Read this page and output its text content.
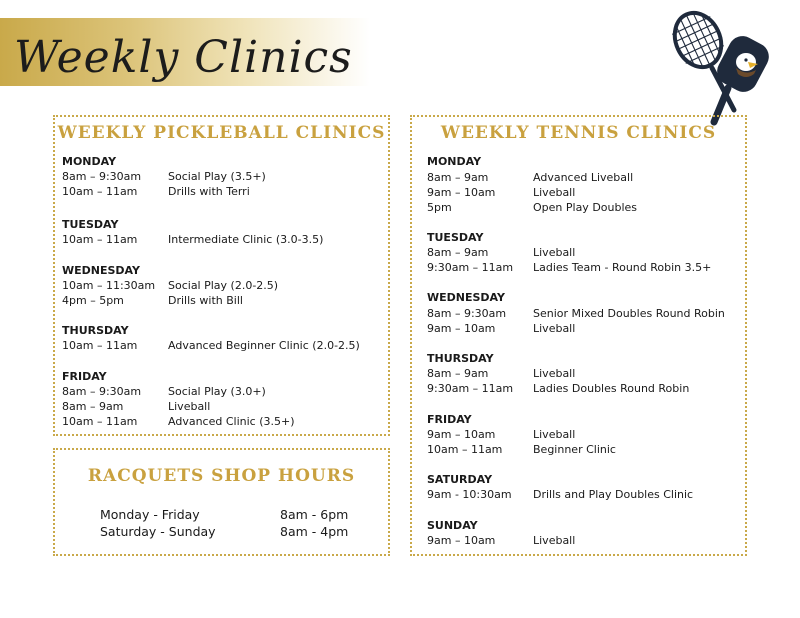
Weekly Clinics
WEEKLY PICKLEBALL CLINICS
MONDAY
8am – 9:30am Social Play (3.5+)
10am – 11am	Drills with Terri
TUESDAY
10am – 11am	Intermediate Clinic (3.0-3.5)
WEDNESDAY
10am – 11:30am Social Play (2.0-2.5)
4pm – 5pm	Drills with Bill
THURSDAY
10am – 11am	Advanced Beginner Clinic (2.0-2.5)
FRIDAY
8am – 9:30am Social Play (3.0+)
8am – 9am	Liveball
10am – 11am	Advanced Clinic (3.5+)
RACQUETS SHOP HOURS
Monday - Friday	8am - 6pm
Saturday - Sunday	8am - 4pm
WEEKLY TENNIS CLINICS
MONDAY
8am – 9am	Advanced Liveball
9am – 10am	Liveball
5pm	Open Play Doubles
TUESDAY
8am – 9am	Liveball
9:30am – 11am Ladies Team - Round Robin 3.5+
WEDNESDAY
8am – 9:30am Senior Mixed Doubles Round Robin
9am – 10am	Liveball
THURSDAY
8am – 9am	Liveball
9:30am – 11am Ladies Doubles Round Robin
FRIDAY
9am – 10am	Liveball
10am – 11am	Beginner Clinic
SATURDAY
9am - 10:30am Drills and Play Doubles Clinic
SUNDAY
9am – 10am	Liveball
